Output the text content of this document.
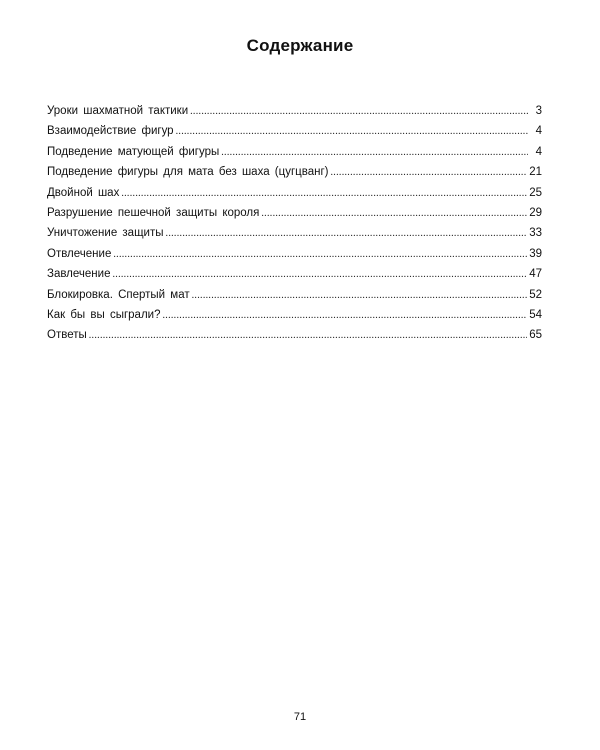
Содержание
Уроки шахматной тактики .....	3
Взаимодействие фигур .....	4
Подведение матующей фигуры .....	4
Подведение фигуры для мата без шаха (цугцванг) .....	21
Двойной шах .....	25
Разрушение пешечной защиты короля .....	29
Уничтожение защиты .....	33
Отвлечение .....	39
Завлечение .....	47
Блокировка. Спертый мат .....	52
Как бы вы сыграли? .....	54
Ответы .....	65
71
